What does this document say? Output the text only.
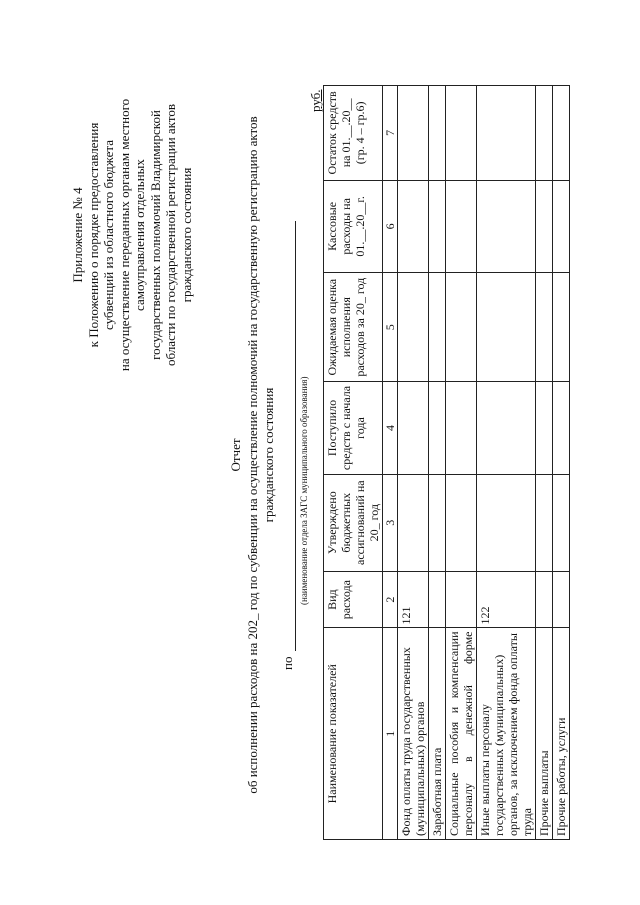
Приложение № 4 к Положению о порядке предоставления субвенций из областного бюджета на осуществление переданных органам местного самоуправления отдельных государственных полномочий Владимирской области по государственной регистрации актов гражданского состояния
Отчет об исполнении расходов на 202_ год по субвенции на осуществление полномочий на государственную регистрацию актов гражданского состояния
по
(наименование отдела ЗАГС муниципального образования)
руб.
Наименование показателей	Вид расхода	Утверждено бюджетных ассигнований на 20_ год	Поступило средств с начала года	Ожидаемая оценка исполнения расходов за 20_ год	Кассовые расходы на 01.__.20__г.	Остаток средств на 01.__.20__ (гр. 4 – гр.6)
1	2	3	4	5	6	7
Фонд оплаты труда государственных (муниципальных) органов	121					
Заработная плата						
Социальные пособия и компенсации персоналу в денежной форме						
Иные выплаты персоналу государственных (муниципальных) органов, за исключением фонда оплаты труда	122					
Прочие выплаты						
Прочие работы, услуги						
